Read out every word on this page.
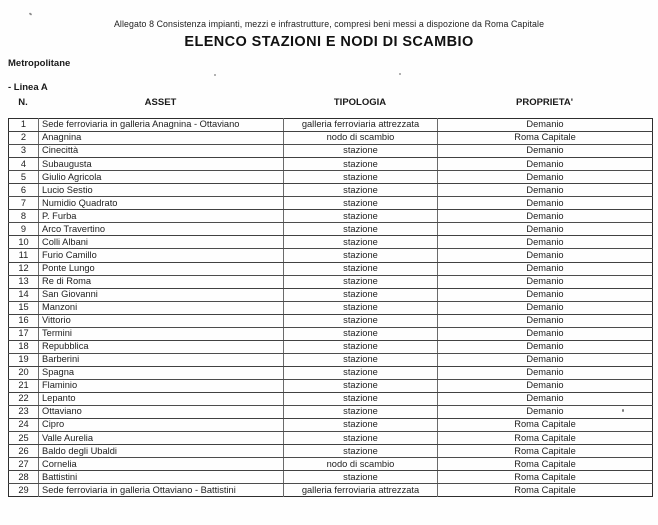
Allegato 8 Consistenza impianti, mezzi e infrastrutture, compresi beni messi a dispozione da Roma Capitale
ELENCO STAZIONI E NODI DI SCAMBIO
Metropolitane
- Linea A
N.	ASSET	TIPOLOGIA	PROPRIETA'
1	Sede ferroviaria in galleria Anagnina - Ottaviano	galleria ferroviaria attrezzata	Demanio
2	Anagnina	nodo di scambio	Roma Capitale
3	Cinecittà	stazione	Demanio
4	Subaugusta	stazione	Demanio
5	Giulio Agricola	stazione	Demanio
6	Lucio Sestio	stazione	Demanio
7	Numidio Quadrato	stazione	Demanio
8	P. Furba	stazione	Demanio
9	Arco Travertino	stazione	Demanio
10	Colli Albani	stazione	Demanio
11	Furio Camillo	stazione	Demanio
12	Ponte Lungo	stazione	Demanio
13	Re di Roma	stazione	Demanio
14	San Giovanni	stazione	Demanio
15	Manzoni	stazione	Demanio
16	Vittorio	stazione	Demanio
17	Termini	stazione	Demanio
18	Repubblica	stazione	Demanio
19	Barberini	stazione	Demanio
20	Spagna	stazione	Demanio
21	Flaminio	stazione	Demanio
22	Lepanto	stazione	Demanio
23	Ottaviano	stazione	Demanio
24	Cipro	stazione	Roma Capitale
25	Valle Aurelia	stazione	Roma Capitale
26	Baldo degli Ubaldi	stazione	Roma Capitale
27	Cornelia	nodo di scambio	Roma Capitale
28	Battistini	stazione	Roma Capitale
29	Sede ferroviaria in galleria Ottaviano - Battistini	galleria ferroviaria attrezzata	Roma Capitale
